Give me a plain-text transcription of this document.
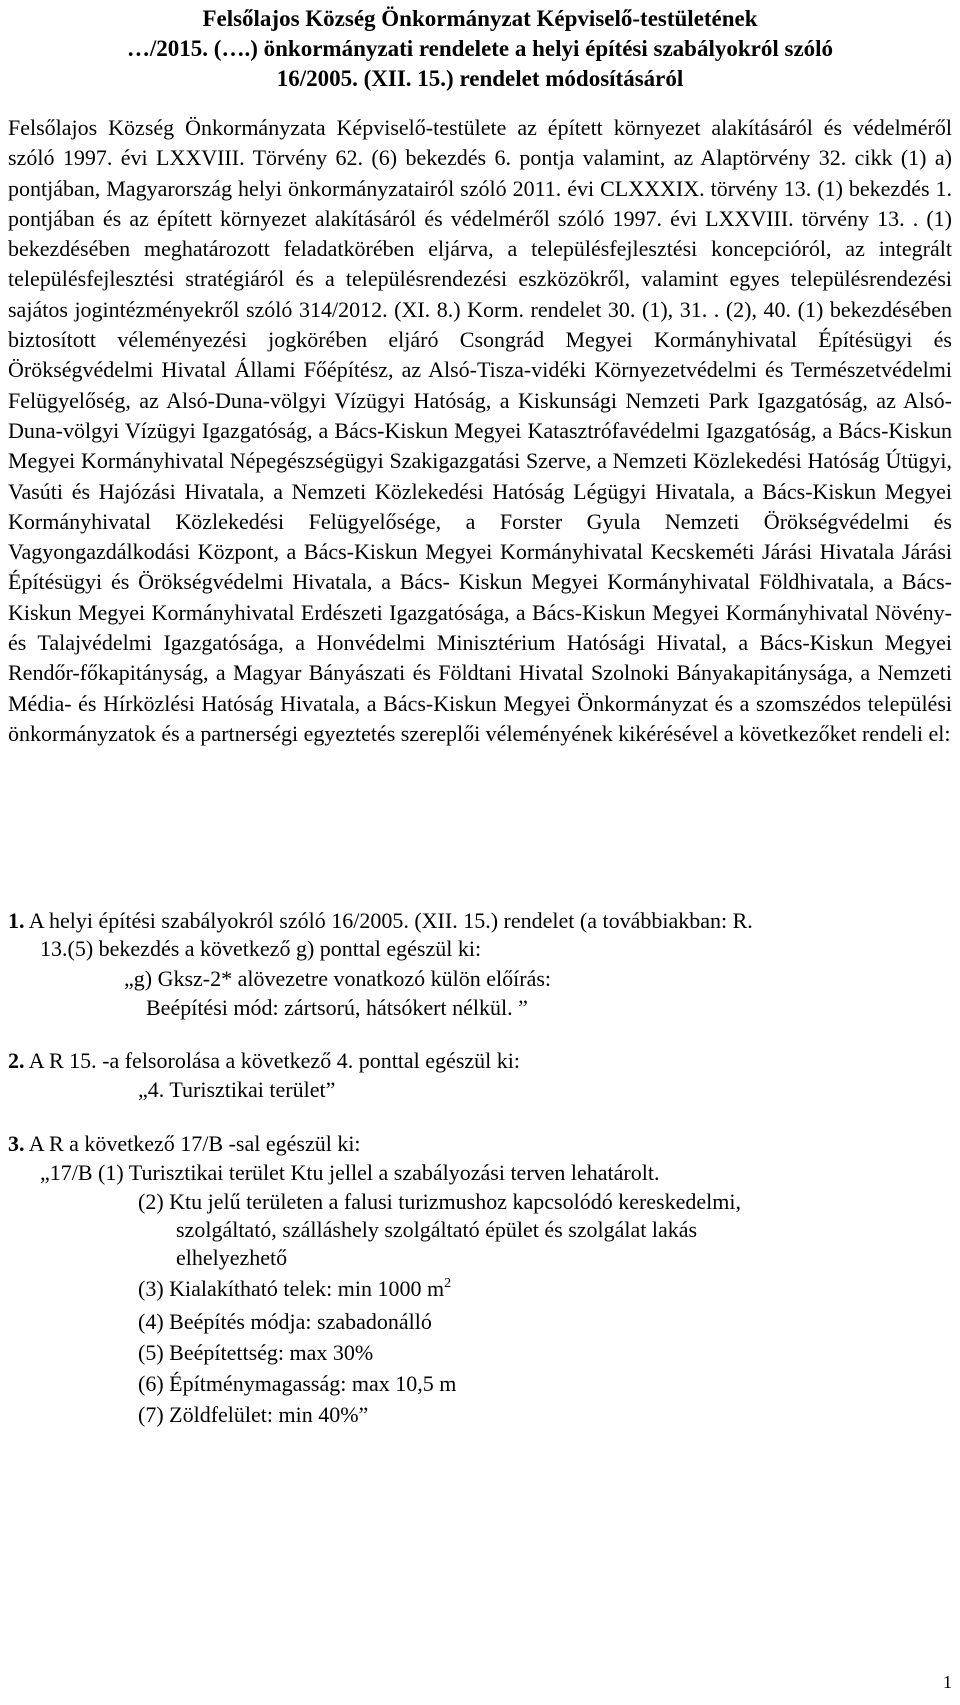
Felsőlajos Község Önkormányzat Képviselő-testületének
…/2015. (….) önkormányzati rendelete a helyi építési szabályokról szóló
16/2005. (XII. 15.) rendelet módosításáról
Felsőlajos Község Önkormányzata Képviselő-testülete az épített környezet alakításáról és védelméről szóló 1997. évi LXXVIII. Törvény 62. (6) bekezdés 6. pontja valamint, az Alaptörvény 32. cikk (1) a) pontjában, Magyarország helyi önkormányzatairól szóló 2011. évi CLXXXIX. törvény 13. (1) bekezdés 1. pontjában és az épített környezet alakításáról és védelméről szóló 1997. évi LXXVIII. törvény 13. . (1) bekezdésében meghatározott feladatkörében eljárva, a településfejlesztési koncepcióról, az integrált településfejlesztési stratégiáról és a településrendezési eszközökről, valamint egyes településrendezési sajátos jogintézményekről szóló 314/2012. (XI. 8.) Korm. rendelet 30. (1), 31. . (2), 40. (1) bekezdésében biztosított véleményezési jogkörében eljáró Csongrád Megyei Kormányhivatal Építésügyi és Örökségvédelmi Hivatal Állami Főépítész, az Alsó-Tisza-vidéki Környezetvédelmi és Természetvédelmi Felügyelőség, az Alsó-Duna-völgyi Vízügyi Hatóság, a Kiskunsági Nemzeti Park Igazgatóság, az Alsó-Duna-völgyi Vízügyi Igazgatóság, a Bács-Kiskun Megyei Katasztrófavédelmi Igazgatóság, a Bács-Kiskun Megyei Kormányhivatal Népegészségügyi Szakigazgatási Szerve, a Nemzeti Közlekedési Hatóság Útügyi, Vasúti és Hajózási Hivatala, a Nemzeti Közlekedési Hatóság Légügyi Hivatala, a Bács-Kiskun Megyei Kormányhivatal Közlekedési Felügyelősége, a Forster Gyula Nemzeti Örökségvédelmi és Vagyongazdálkodási Központ, a Bács-Kiskun Megyei Kormányhivatal Kecskeméti Járási Hivatala Járási Építésügyi és Örökségvédelmi Hivatala, a Bács- Kiskun Megyei Kormányhivatal Földhivatala, a Bács-Kiskun Megyei Kormányhivatal Erdészeti Igazgatósága, a Bács-Kiskun Megyei Kormányhivatal Növény- és Talajvédelmi Igazgatósága, a Honvédelmi Minisztérium Hatósági Hivatal, a Bács-Kiskun Megyei Rendőr-főkapitányság, a Magyar Bányászati és Földtani Hivatal Szolnoki Bányakapitánysága, a Nemzeti Média- és Hírközlési Hatóság Hivatala, a Bács-Kiskun Megyei Önkormányzat és a szomszédos települési önkormányzatok és a partnerségi egyeztetés szereplői véleményének kikérésével a következőket rendeli el:
1. A helyi építési szabályokról szóló 16/2005. (XII. 15.) rendelet (a továbbiakban: R.
13.(5) bekezdés a következő g) ponttal egészül ki:
„g) Gksz-2* alövezetre vonatkozó külön előírás:
Beépítési mód: zártsorú, hátsókert nélkül. ”
2. A R 15. -a felsorolása a következő 4. ponttal egészül ki:
„4. Turisztikai terület”
3. A R a következő 17/B -sal egészül ki:
„17/B (1) Turisztikai terület Ktu jellel a szabályozási terven lehatárolt.
(2) Ktu jelű területen a falusi turizmushoz kapcsolódó kereskedelmi,
szolgáltató, szálláshely szolgáltató épület és szolgálat lakás
elhelyezhető
(3) Kialakítható telek: min 1000 $m^2$
(4) Beépítés módja: szabadonálló
(5) Beépítettség: max 30%
(6) Építménymagasság: max 10,5 m
(7) Zöldfelület: min 40%”
1
